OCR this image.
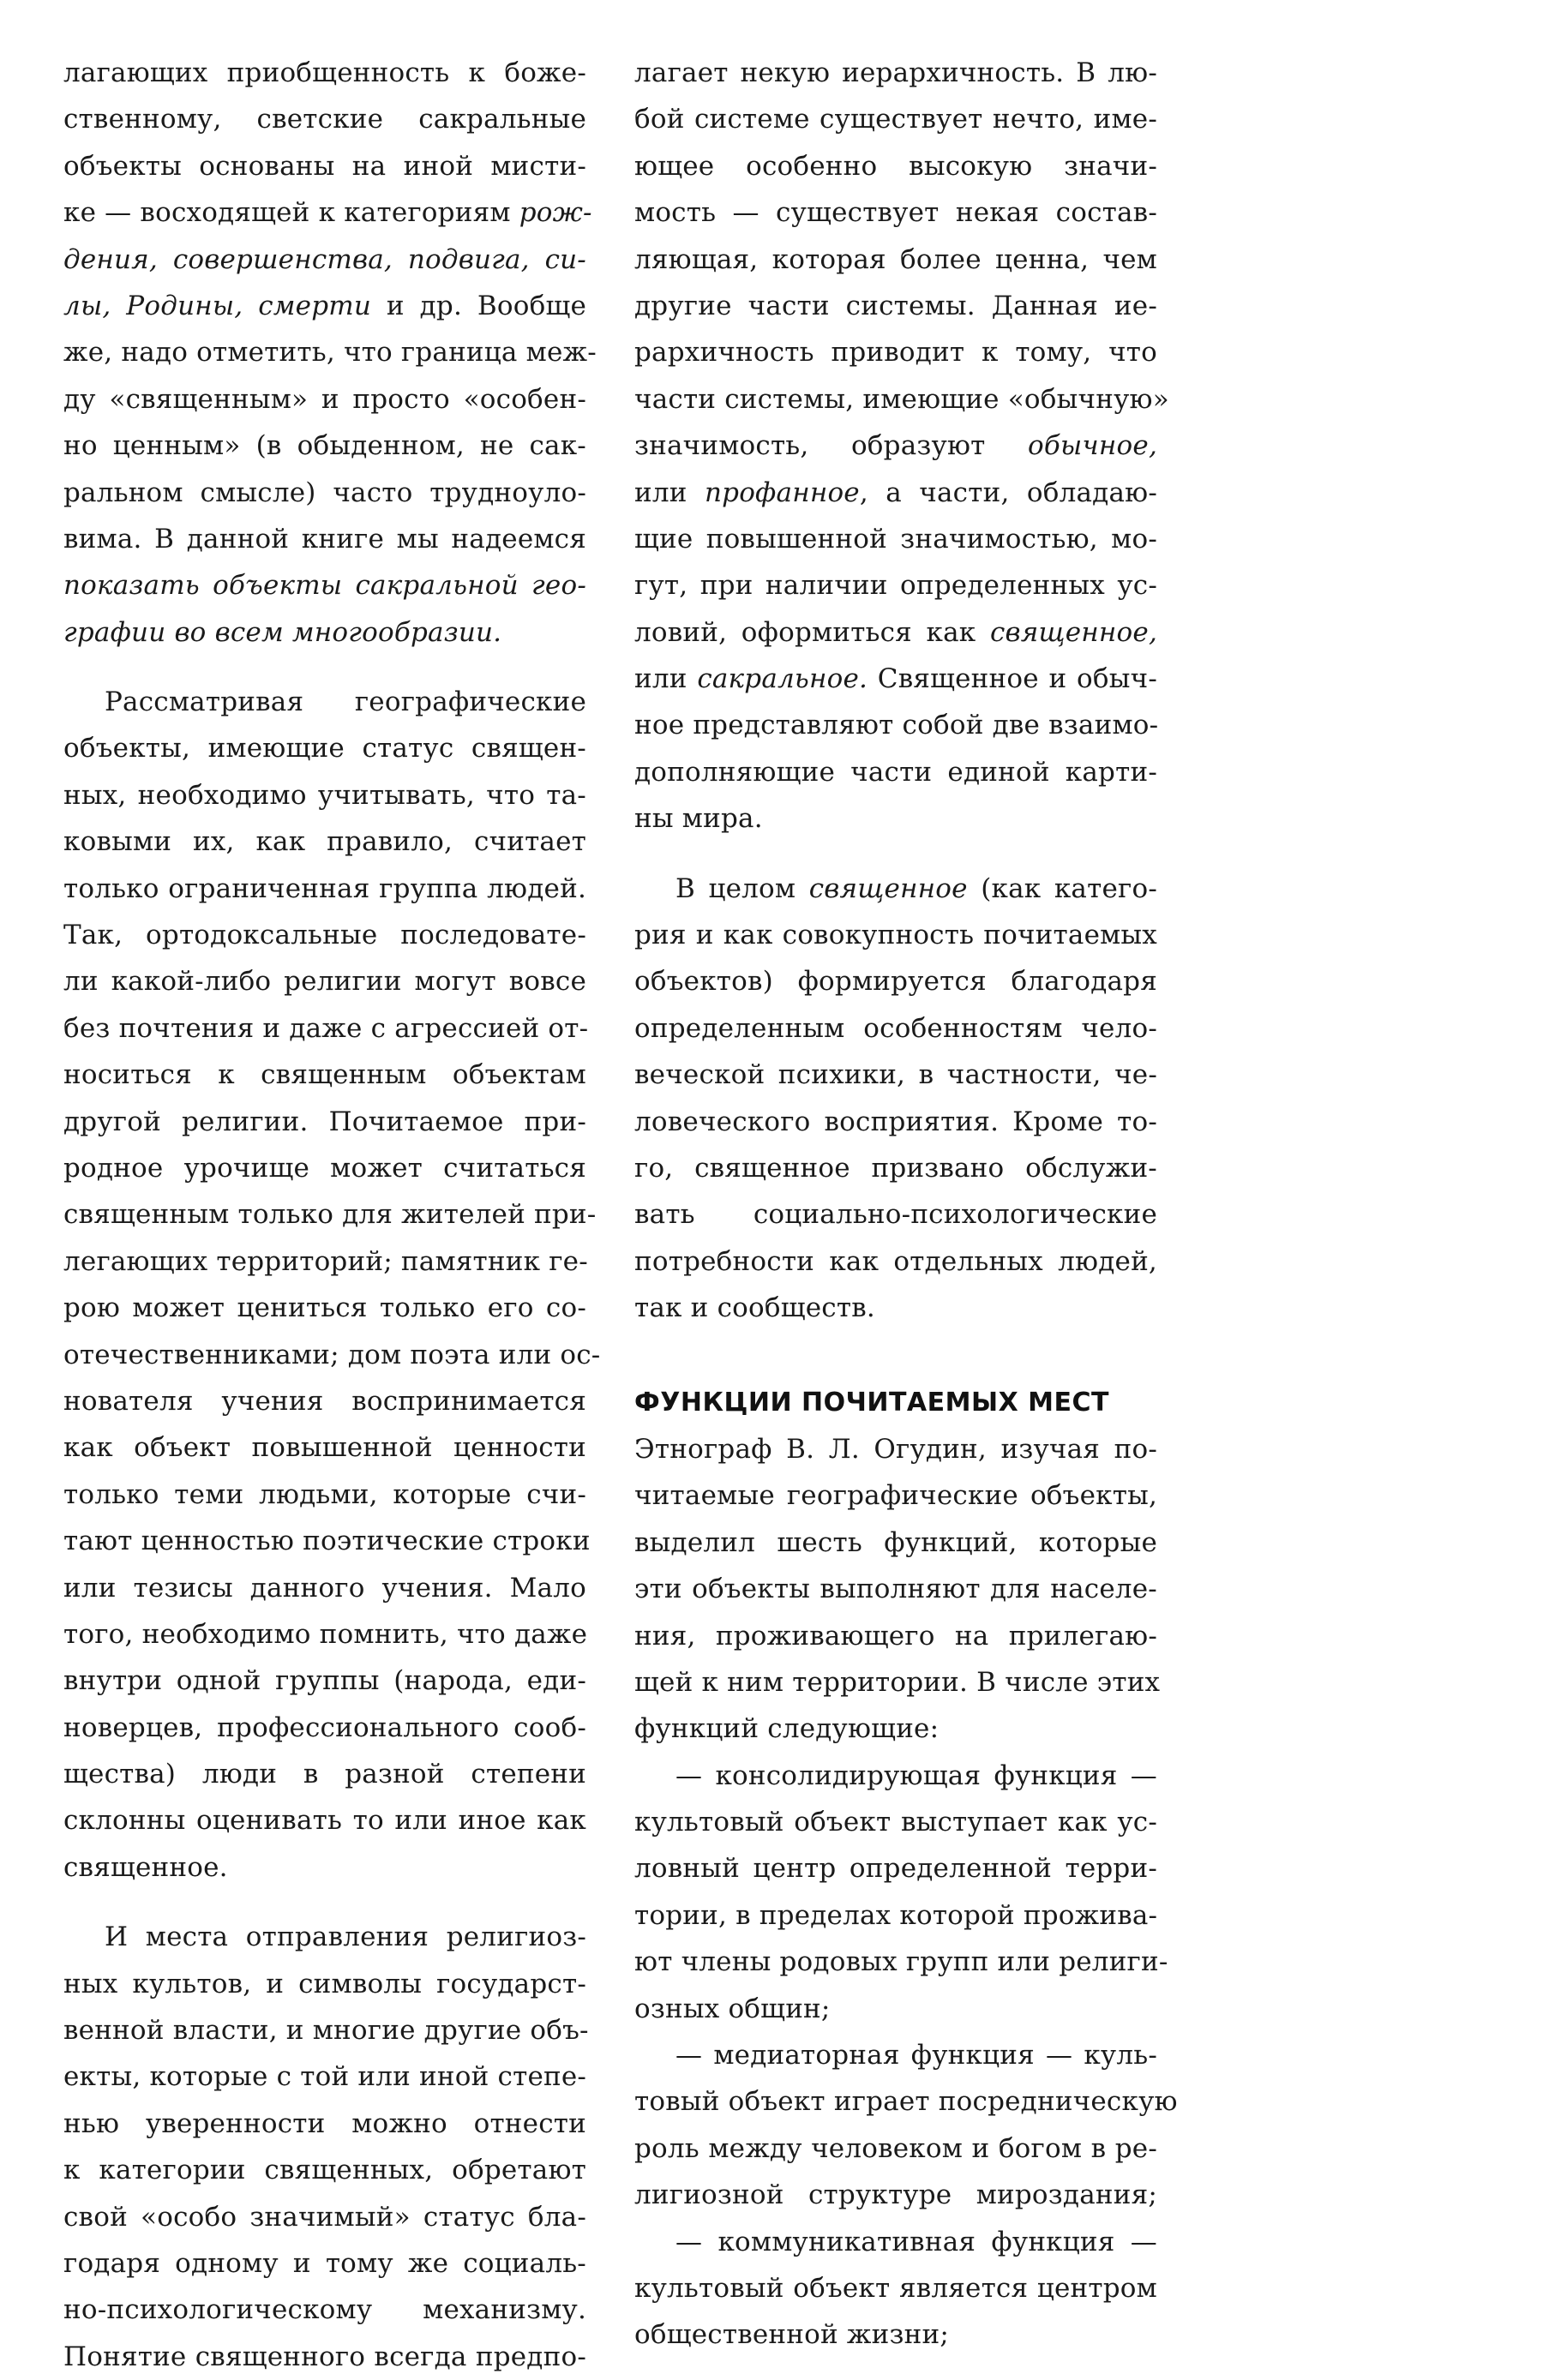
лагающих приобщенность к боже-
ственному, светские сакральные
объекты основаны на иной мисти-
ке — восходящей к категориям рож-
дения, совершенства, подвига, си-
лы, Родины, смерти и др. Вообще
же, надо отметить, что граница меж-
ду «священным» и просто «особен-
но ценным» (в обыденном, не сак-
ральном смысле) часто трудноуло-
вима. В данной книге мы надеемся
показать объекты сакральной гео-
графии во всем многообразии.
Рассматривая географические
объекты, имеющие статус священ-
ных, необходимо учитывать, что та-
ковыми их, как правило, считает
только ограниченная группа людей.
Так, ортодоксальные последовате-
ли какой-либо религии могут вовсе
без почтения и даже с агрессией от-
носиться к священным объектам
другой религии. Почитаемое при-
родное урочище может считаться
священным только для жителей при-
легающих территорий; памятник ге-
рою может цениться только его со-
отечественниками; дом поэта или ос-
нователя учения воспринимается
как объект повышенной ценности
только теми людьми, которые счи-
тают ценностью поэтические строки
или тезисы данного учения. Мало
того, необходимо помнить, что даже
внутри одной группы (народа, еди-
новерцев, профессионального сооб-
щества) люди в разной степени
склонны оценивать то или иное как
священное.
И места отправления религиоз-
ных культов, и символы государст-
венной власти, и многие другие объ-
екты, которые с той или иной степе-
нью уверенности можно отнести
к категории священных, обретают
свой «особо значимый» статус бла-
годаря одному и тому же социаль-
но-психологическому механизму.
Понятие священного всегда предпо-
лагает некую иерархичность. В лю-
бой системе существует нечто, име-
ющее особенно высокую значи-
мость — существует некая состав-
ляющая, которая более ценна, чем
другие части системы. Данная ие-
рархичность приводит к тому, что
части системы, имеющие «обычную»
значимость, образуют обычное,
или профанное, а части, обладаю-
щие повышенной значимостью, мо-
гут, при наличии определенных ус-
ловий, оформиться как священное,
или сакральное. Священное и обыч-
ное представляют собой две взаимо-
дополняющие части единой карти-
ны мира.
В целом священное (как катего-
рия и как совокупность почитаемых
объектов) формируется благодаря
определенным особенностям чело-
веческой психики, в частности, че-
ловеческого восприятия. Кроме то-
го, священное призвано обслужи-
вать социально-психологические
потребности как отдельных людей,
так и сообществ.
ФУНКЦИИ ПОЧИТАЕМЫХ МЕСТ
Этнограф В. Л. Огудин, изучая по-
читаемые географические объекты,
выделил шесть функций, которые
эти объекты выполняют для населе-
ния, проживающего на прилегаю-
щей к ним территории. В числе этих
функций следующие:
— консолидирующая функция —
культовый объект выступает как ус-
ловный центр определенной терри-
тории, в пределах которой прожива-
ют члены родовых групп или религи-
озных общин;
— медиаторная функция — куль-
товый объект играет посредническую
роль между человеком и богом в ре-
лигиозной структуре мироздания;
— коммуникативная функция —
культовый объект является центром
общественной жизни;
